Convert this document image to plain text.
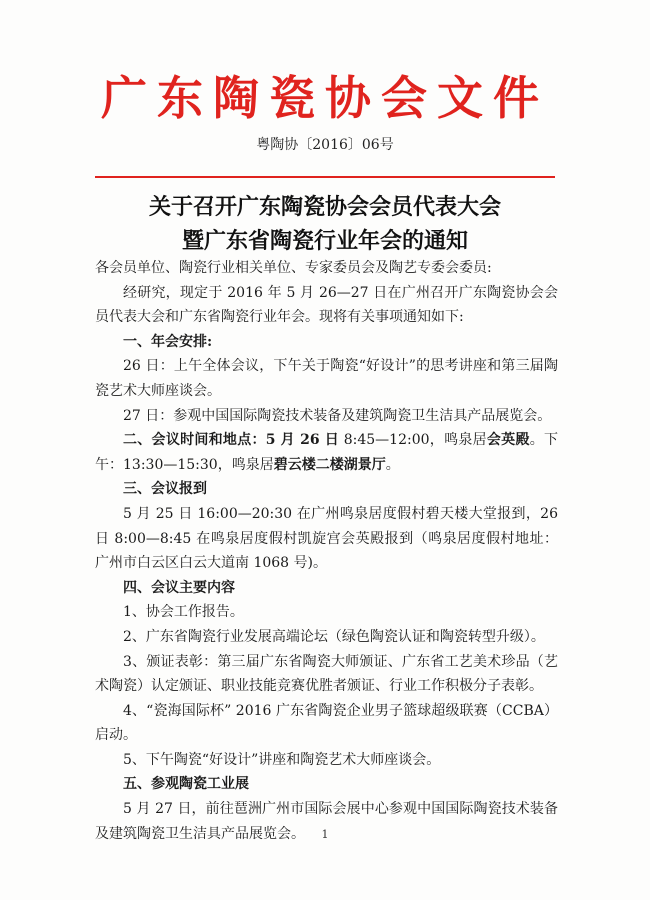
广东陶瓷协会文件
粤陶协〔2016〕06号
关于召开广东陶瓷协会会员代表大会
暨广东省陶瓷行业年会的通知

各会员单位、陶瓷行业相关单位、专家委员会及陶艺专委会委员:

经研究，现定于 2016 年 5 月 26—27 日在广州召开广东陶瓷协会会员代表大会和广东省陶瓷行业年会。现将有关事项通知如下:

一、年会安排:

26 日：上午全体会议，下午关于陶瓷“好设计”的思考讲座和第三届陶瓷艺术大师座谈会。

27 日：参观中国国际陶瓷技术装备及建筑陶瓷卫生洁具产品展览会。

二、会议时间和地点：5 月 26 日 8:45—12:00，鸣泉居会英殿。下午：13:30—15:30，鸣泉居碧云楼二楼湖景厅。

三、会议报到

5 月 25 日 16:00—20:30 在广州鸣泉居度假村碧天楼大堂报到，26 日 8:00—8:45 在鸣泉居度假村凯旋宫会英殿报到（鸣泉居度假村地址：广州市白云区白云大道南 1068 号)。

四、会议主要内容

1、协会工作报告。

2、广东省陶瓷行业发展高端论坛（绿色陶瓷认证和陶瓷转型升级）。

3、颁证表彰：第三届广东省陶瓷大师颁证、广东省工艺美术珍品（艺术陶瓷）认定颁证、职业技能竞赛优胜者颁证、行业工作积极分子表彰。

4、“瓷海国际杯” 2016 广东省陶瓷企业男子篮球超级联赛（CCBA）启动。

5、下午陶瓷“好设计”讲座和陶瓷艺术大师座谈会。

五、参观陶瓷工业展

5 月 27 日，前往琶洲广州市国际会展中心参观中国国际陶瓷技术装备及建筑陶瓷卫生洁具产品展览会。	1
